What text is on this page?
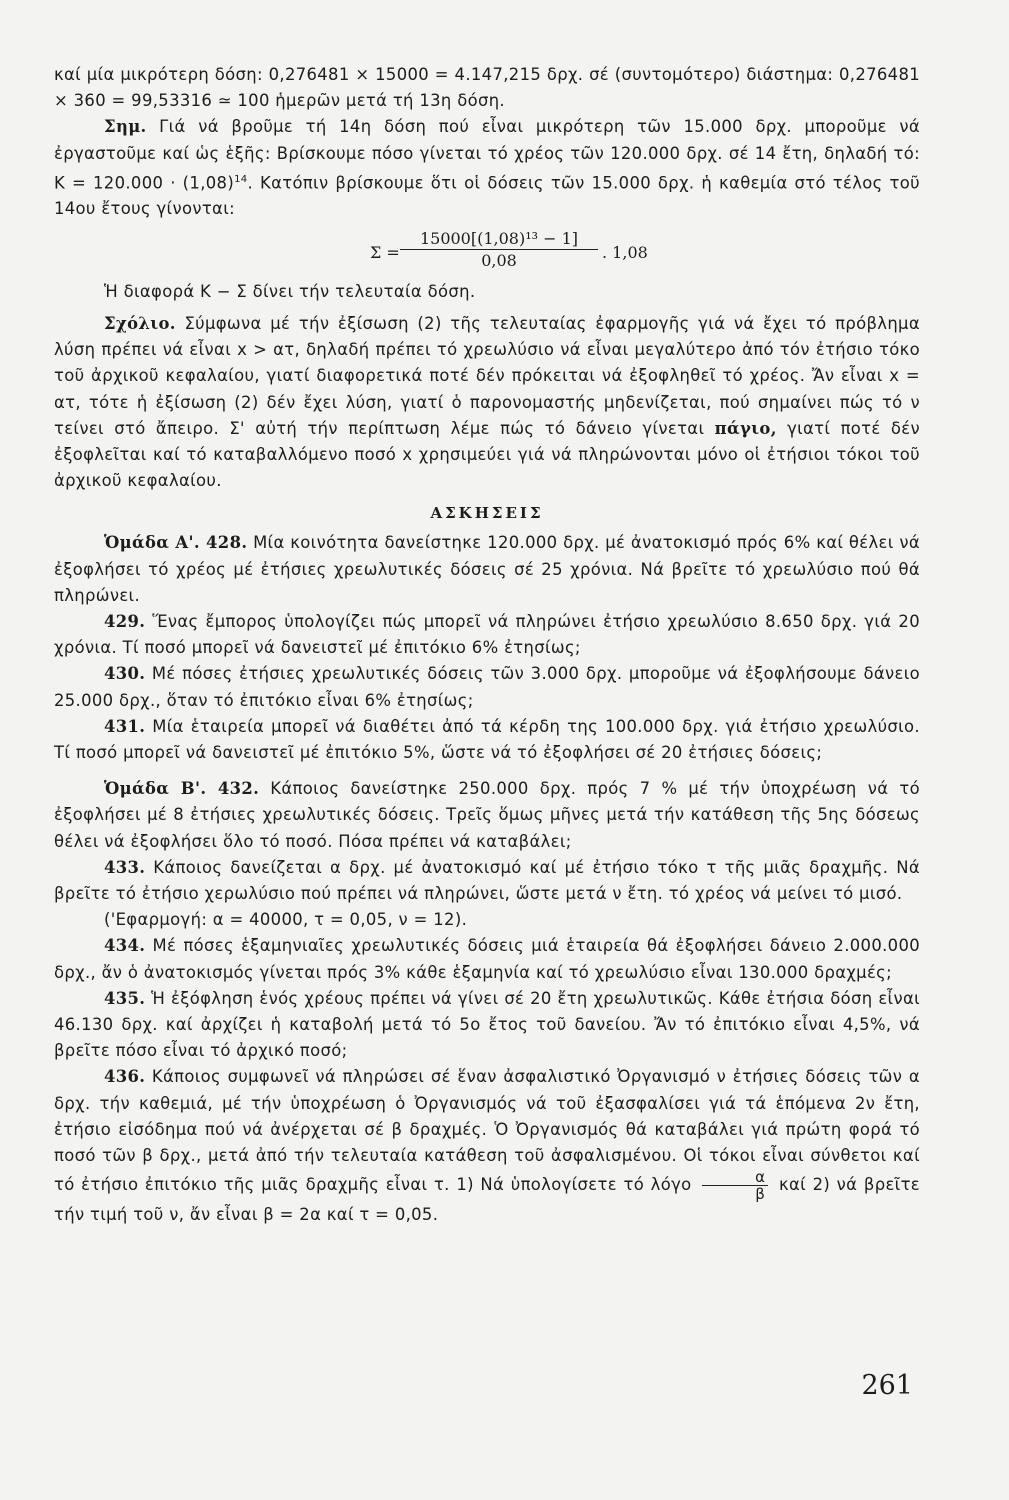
καί μία μικρότερη δόση: 0,276481 × 15000 = 4.147,215 δρχ. σέ (συντομότερο) διάστημα: 0,276481 × 360 = 99,53316 ≃ 100 ἡμερῶν μετά τή 13η δόση.

Σημ. Γιά νά βροῦμε τή 14η δόση πού εἶναι μικρότερη τῶν 15.000 δρχ. μποροῦμε νά ἐργαστοῦμε καί ὡς ἑξῆς: Βρίσκουμε πόσο γίνεται τό χρέος τῶν 120.000 δρχ. σέ 14 ἔτη, δηλαδή τό: $K = 120.000 \cdot (1,08)^{14}$. Κατόπιν βρίσκουμε ὅτι οἱ δόσεις τῶν 15.000 δρχ. ἡ καθεμία στό τέλος τοῦ 14ου ἔτους γίνονται:

$\Sigma = \frac{\text{15000[(1,08)¹³ − 1]}}{0,08}$ . 1,08

Ἡ διαφορά Κ − Σ δίνει τήν τελευταία δόση.

Σχόλιο. Σύμφωνα μέ τήν ἐξίσωση (2) τῆς τελευταίας ἐφαρμογῆς γιά νά ἔχει τό πρόβλημα λύση πρέπει νά εἶναι x > ατ, δηλαδή πρέπει τό χρεωλύσιο νά εἶναι μεγαλύτερο ἀπό τόν ἐτήσιο τόκο τοῦ ἀρχικοῦ κεφαλαίου, γιατί διαφορετικά ποτέ δέν πρόκειται νά ἐξοφληθεῖ τό χρέος. Ἄν εἶναι x = ατ, τότε ἡ ἐξίσωση (2) δέν ἔχει λύση, γιατί ὁ παρονομαστής μηδενίζεται, πού σημαίνει πώς τό ν τείνει στό ἄπειρο. Σ' αὐτή τήν περίπτωση λέμε πώς τό δάνειο γίνεται πάγιο, γιατί ποτέ δέν ἐξοφλεῖται καί τό καταβαλλόμενο ποσό x χρησιμεύει γιά νά πληρώνονται μόνο οἱ ἐτήσιοι τόκοι τοῦ ἀρχικοῦ κεφαλαίου.

ΑΣΚΗΣΕΙΣ

Ὁμάδα Α'. 428. Μία κοινότητα δανείστηκε 120.000 δρχ. μέ ἀνατοκισμό πρός 6% καί θέλει νά ἐξοφλήσει τό χρέος μέ ἐτήσιες χρεωλυτικές δόσεις σέ 25 χρόνια. Νά βρεῖτε τό χρεωλύσιο πού θά πληρώνει.

429. Ἕνας ἔμπορος ὑπολογίζει πώς μπορεῖ νά πληρώνει ἐτήσιο χρεωλύσιο 8.650 δρχ. γιά 20 χρόνια. Τί ποσό μπορεῖ νά δανειστεῖ μέ ἐπιτόκιο 6% ἐτησίως;

430. Μέ πόσες ἐτήσιες χρεωλυτικές δόσεις τῶν 3.000 δρχ. μποροῦμε νά ἐξοφλήσουμε δάνειο 25.000 δρχ., ὅταν τό ἐπιτόκιο εἶναι 6% ἐτησίως;

431. Μία ἑταιρεία μπορεῖ νά διαθέτει ἀπό τά κέρδη της 100.000 δρχ. γιά ἐτήσιο χρεωλύσιο. Τί ποσό μπορεῖ νά δανειστεῖ μέ ἐπιτόκιο 5%, ὥστε νά τό ἐξοφλήσει σέ 20 ἐτήσιες δόσεις;

Ὁμάδα Β'. 432. Κάποιος δανείστηκε 250.000 δρχ. πρός 7 % μέ τήν ὑποχρέωση νά τό ἐξοφλήσει μέ 8 ἐτήσιες χρεωλυτικές δόσεις. Τρεῖς ὅμως μῆνες μετά τήν κατάθεση τῆς 5ης δόσεως θέλει νά ἐξοφλήσει ὅλο τό ποσό. Πόσα πρέπει νά καταβάλει;

433. Κάποιος δανείζεται α δρχ. μέ ἀνατοκισμό καί μέ ἐτήσιο τόκο τ τῆς μιᾶς δραχμῆς. Νά βρεῖτε τό ἐτήσιο χερωλύσιο πού πρέπει νά πληρώνει, ὥστε μετά ν ἔτη. τό χρέος νά μείνει τό μισό.

('Εφαρμογή: α = 40000, τ = 0,05, ν = 12).

434. Μέ πόσες ἑξαμηνιαῖες χρεωλυτικές δόσεις μιά ἑταιρεία θά ἐξοφλήσει δάνειο 2.000.000 δρχ., ἄν ὁ ἀνατοκισμός γίνεται πρός 3% κάθε ἑξαμηνία καί τό χρεωλύσιο εἶναι 130.000 δραχμές;

435. Ἡ ἐξόφληση ἑνός χρέους πρέπει νά γίνει σέ 20 ἔτη χρεωλυτικῶς. Κάθε ἐτήσια δόση εἶναι 46.130 δρχ. καί ἀρχίζει ἡ καταβολή μετά τό 5ο ἔτος τοῦ δανείου. Ἄν τό ἐπιτόκιο εἶναι 4,5%, νά βρεῖτε πόσο εἶναι τό ἀρχικό ποσό;

436. Κάποιος συμφωνεῖ νά πληρώσει σέ ἕναν ἀσφαλιστικό Ὀργανισμό ν ἐτήσιες δόσεις τῶν α δρχ. τήν καθεμιά, μέ τήν ὑποχρέωση ὁ Ὀργανισμός νά τοῦ ἐξασφαλίσει γιά τά ἑπόμενα 2ν ἔτη, ἐτήσιο εἰσόδημα πού νά ἀνέρχεται σέ β δραχμές. Ὁ Ὀργανισμός θά καταβάλει γιά πρώτη φορά τό ποσό τῶν β δρχ., μετά ἀπό τήν τελευταία κατάθεση τοῦ ἀσφαλισμένου. Οἱ τόκοι εἶναι σύνθετοι καί τό ἐτήσιο ἐπιτόκιο τῆς μιᾶς δραχμῆς εἶναι τ. 1) Νά ὑπολογίσετε τό λόγο $\frac{\alpha}{\beta}$ καί 2) νά βρεῖτε τήν τιμή τοῦ ν, ἄν εἶναι β = 2α καί τ = 0,05.

261
